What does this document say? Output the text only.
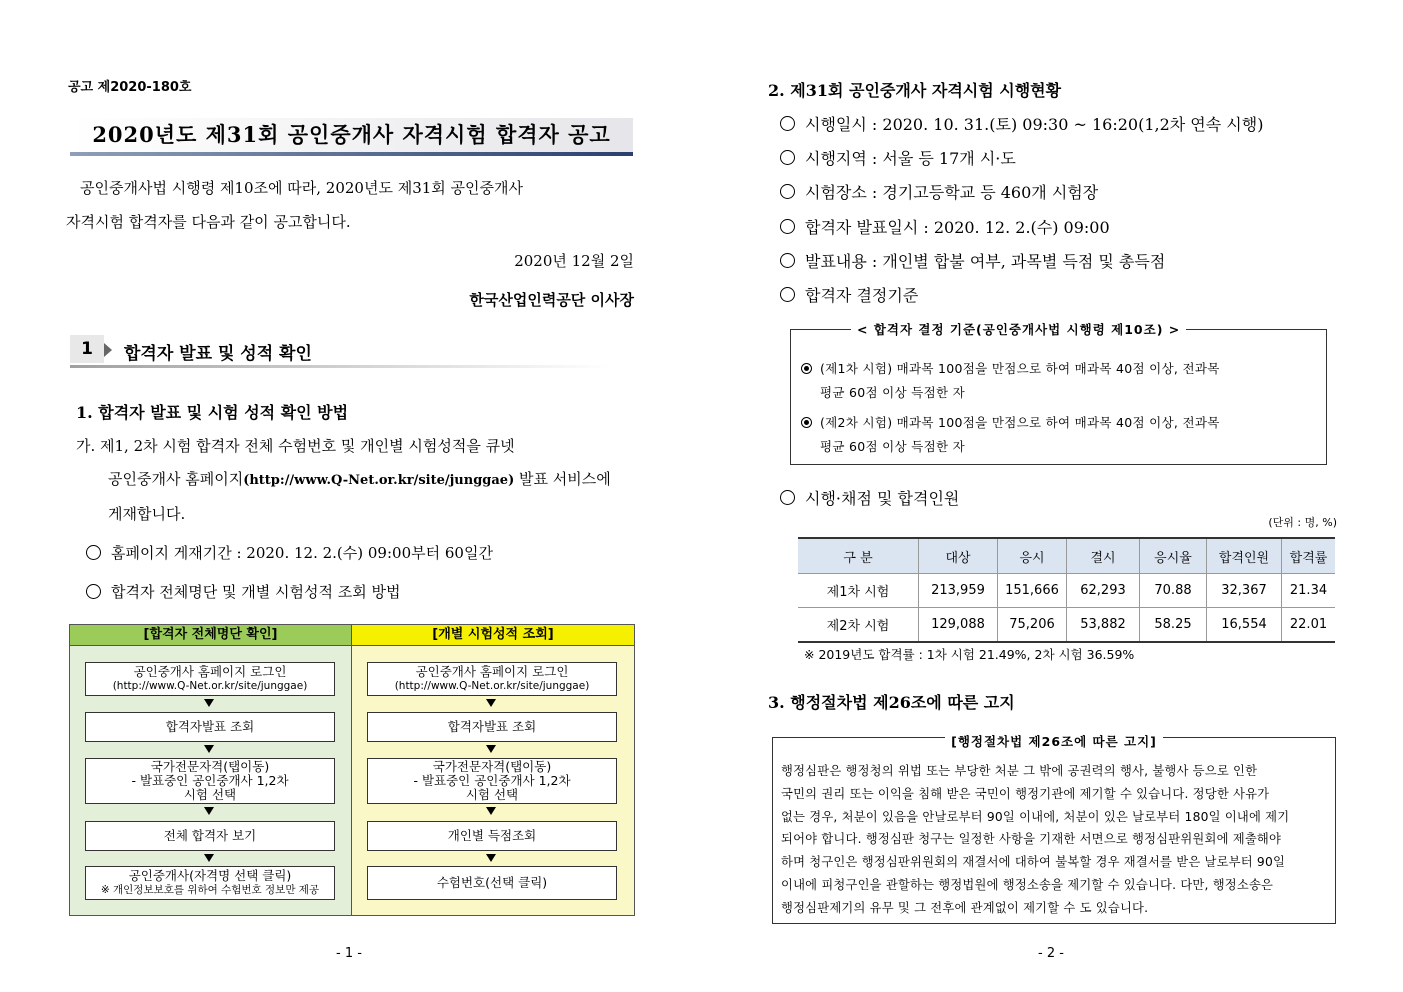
공고 제2020-180호
2020년도 제31회 공인중개사 자격시험 합격자 공고
공인중개사법 시행령 제10조에 따라, 2020년도 제31회 공인중개사
자격시험 합격자를 다음과 같이 공고합니다.
2020년 12월 2일
한국산업인력공단 이사장
1	합격자 발표 및 성적 확인
1. 합격자 발표 및 시험 성적 확인 방법
가. 제1, 2차 시험 합격자 전체 수험번호 및 개인별 시험성적을 큐넷
공인중개사 홈페이지(http://www.Q-Net.or.kr/site/junggae) 발표 서비스에
게재합니다.
홈페이지 게재기간 : 2020. 12. 2.(수) 09:00부터 60일간
합격자 전체명단 및 개별 시험성적 조회 방법
[합격자 전체명단 확인]
공인중개사 홈페이지 로그인
(http://www.Q-Net.or.kr/site/junggae)
합격자발표 조회
국가전문자격(탭이동)
- 발표중인 공인중개사 1,2차
시험 선택
전체 합격자 보기
공인중개사(자격명 선택 클릭)
※ 개인정보보호를 위하여 수험번호 정보만 제공
[개별 시험성적 조회]
공인중개사 홈페이지 로그인
(http://www.Q-Net.or.kr/site/junggae)
합격자발표 조회
국가전문자격(탭이동)
- 발표중인 공인중개사 1,2차
시험 선택
개인별 득점조회
수험번호(선택 클릭)
- 1 -
2. 제31회 공인중개사 자격시험 시행현황
시행일시 : 2020. 10. 31.(토) 09:30 ~ 16:20(1,2차 연속 시행)
시행지역 : 서울 등 17개 시·도
시험장소 : 경기고등학교 등 460개 시험장
합격자 발표일시 : 2020. 12. 2.(수) 09:00
발표내용 : 개인별 합불 여부, 과목별 득점 및 총득점
합격자 결정기준
< 합격자 결정 기준(공인중개사법 시행령 제10조) >
(제1차 시험) 매과목 100점을 만점으로 하여 매과목 40점 이상, 전과목
평균 60점 이상 득점한 자
(제2차 시험) 매과목 100점을 만점으로 하여 매과목 40점 이상, 전과목
평균 60점 이상 득점한 자
시행·채점 및 합격인원
(단위 : 명, %)
구 분	대상	응시	결시	응시율	합격인원	합격률
제1차 시험	213,959	151,666	62,293	70.88	32,367	21.34
제2차 시험	129,088	75,206	53,882	58.25	16,554	22.01
※ 2019년도 합격률 : 1차 시험 21.49%, 2차 시험 36.59%
3. 행정절차법 제26조에 따른 고지
[행정절차법 제26조에 따른 고지]
행정심판은 행정청의 위법 또는 부당한 처분 그 밖에 공권력의 행사, 불행사 등으로 인한
국민의 권리 또는 이익을 침해 받은 국민이 행정기관에 제기할 수 있습니다. 정당한 사유가
없는 경우, 처분이 있음을 안날로부터 90일 이내에, 처분이 있은 날로부터 180일 이내에 제기
되어야 합니다. 행정심판 청구는 일정한 사항을 기재한 서면으로 행정심판위원회에 제출해야
하며 청구인은 행정심판위원회의 재결서에 대하여 불복할 경우 재결서를 받은 날로부터 90일
이내에 피청구인을 관할하는 행정법원에 행정소송을 제기할 수 있습니다. 다만, 행정소송은
행정심판제기의 유무 및 그 전후에 관계없이 제기할 수 도 있습니다.
- 2 -
